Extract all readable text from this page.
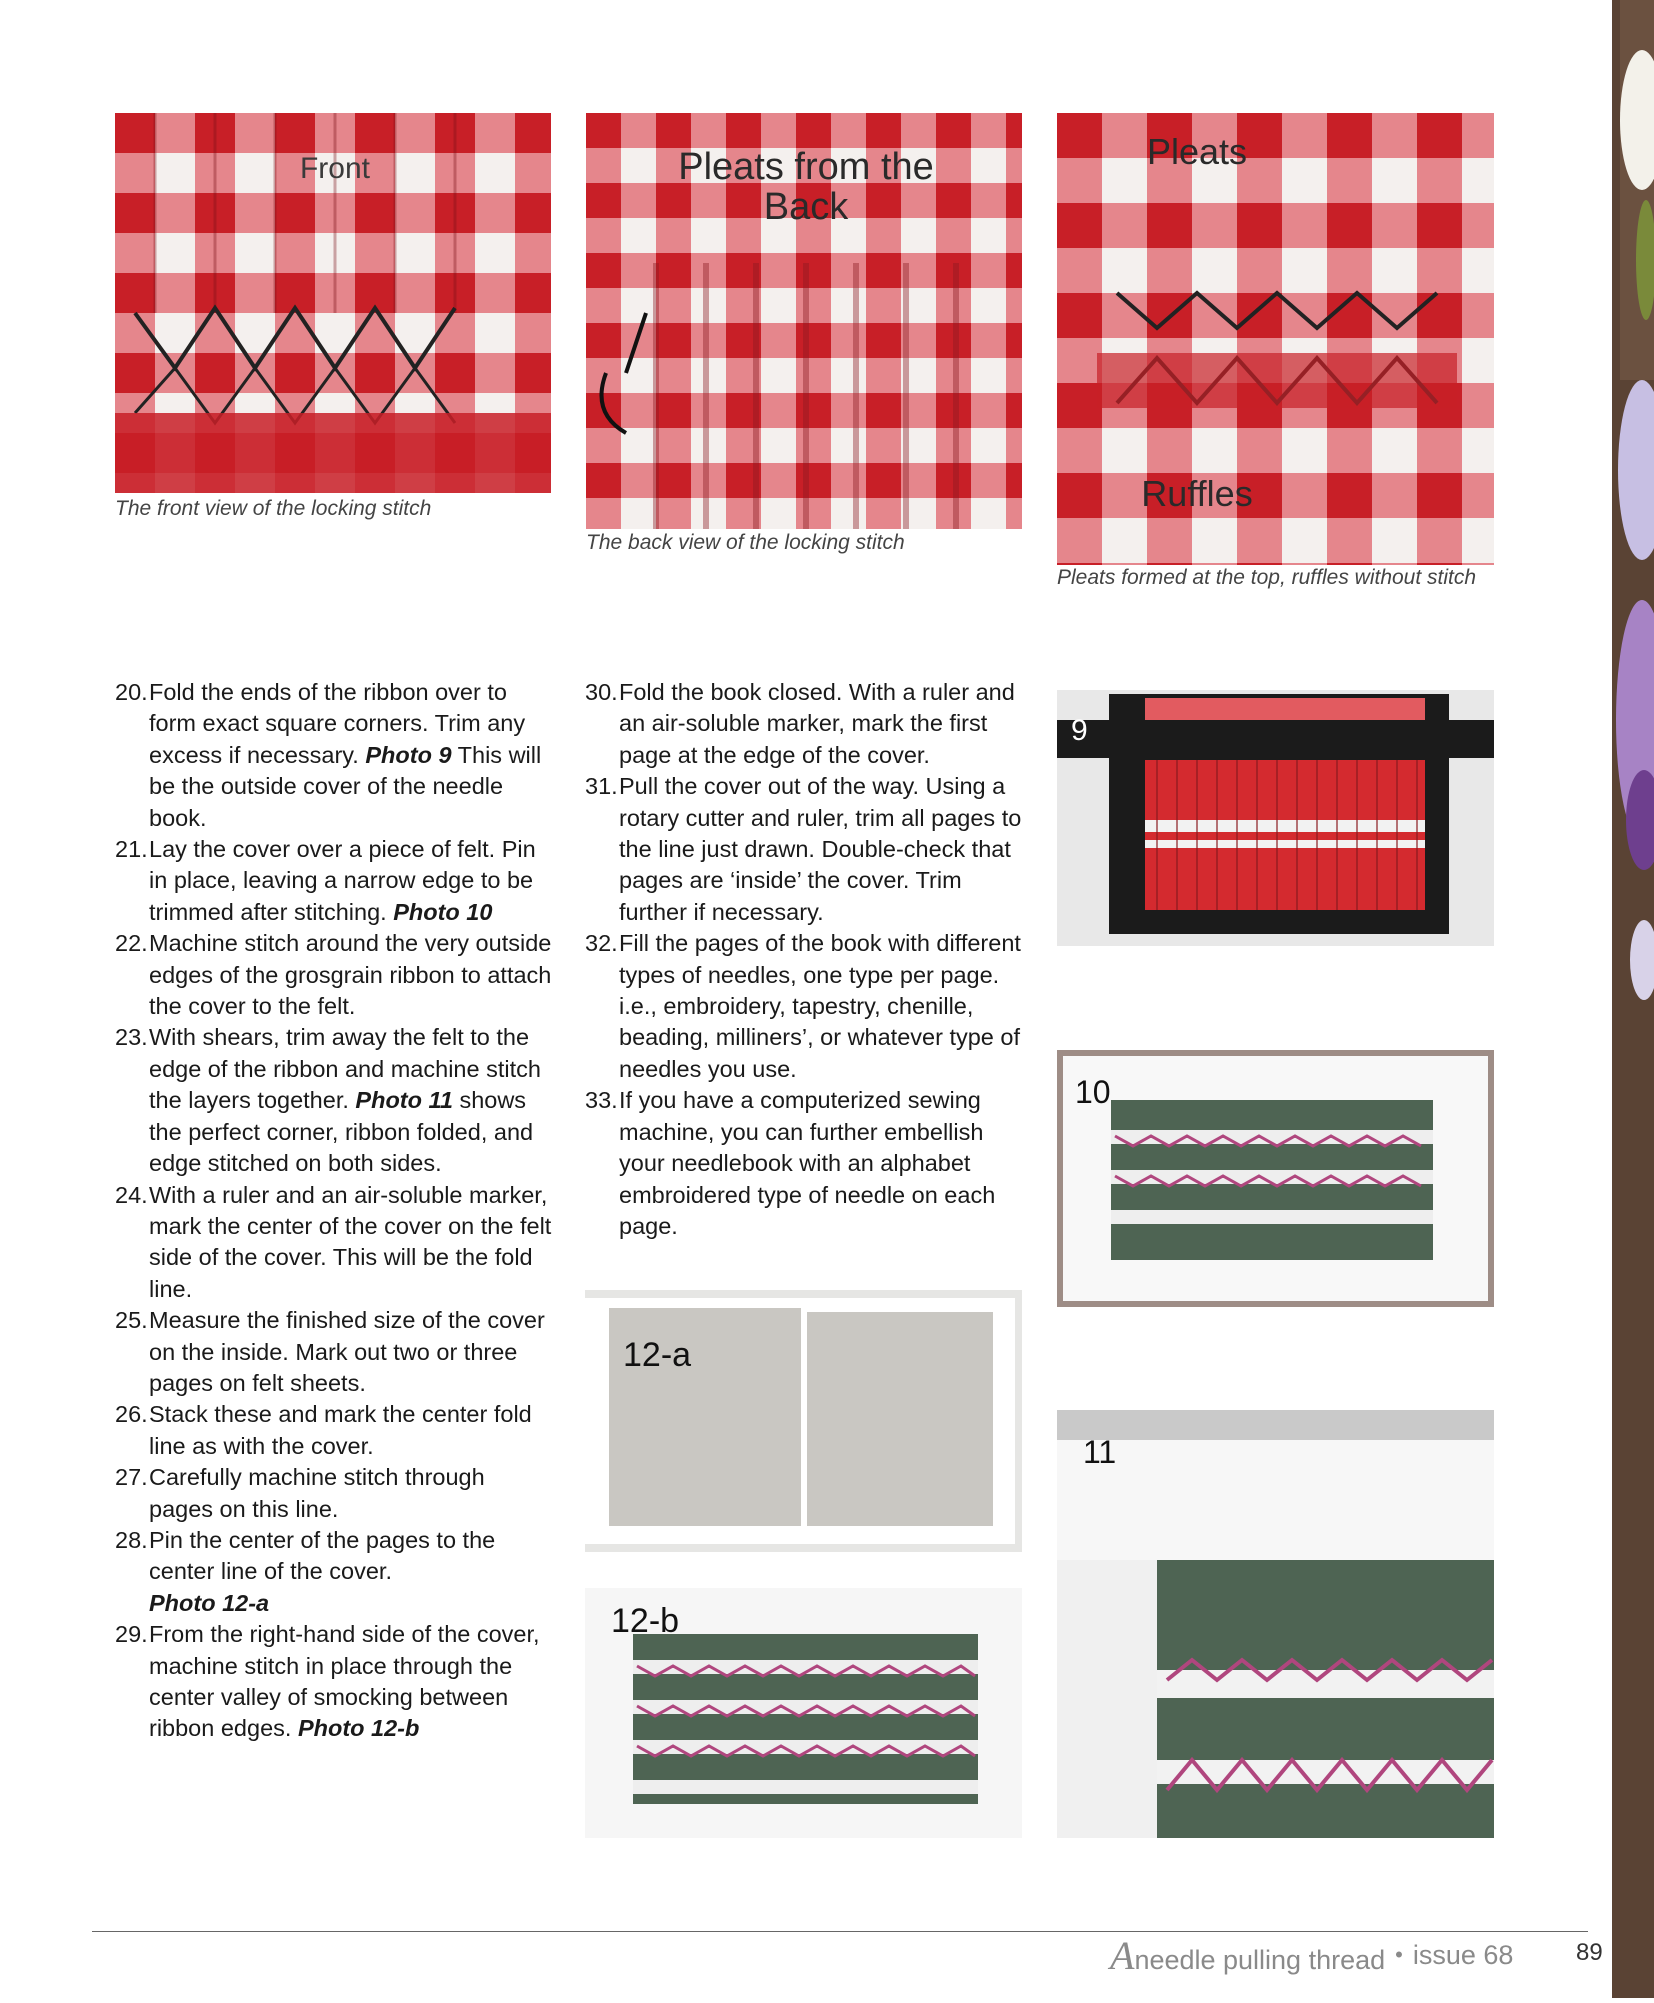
Front
The front view of the locking stitch
Pleats from the Back
The back view of the locking stitch
Pleats
Ruffles
Pleats formed at the top, ruffles without stitch
20. Fold the ends of the ribbon over to form exact square corners. Trim any excess if necessary. Photo 9 This will be the outside cover of the needle book.
21. Lay the cover over a piece of felt. Pin in place, leaving a narrow edge to be trimmed after stitching. Photo 10
22. Machine stitch around the very outside edges of the grosgrain ribbon to attach the cover to the felt.
23. With shears, trim away the felt to the edge of the ribbon and machine stitch the layers together. Photo 11 shows the perfect corner, ribbon folded, and edge stitched on both sides.
24. With a ruler and an air-soluble marker, mark the center of the cover on the felt side of the cover. This will be the fold line.
25. Measure the finished size of the cover on the inside. Mark out two or three pages on felt sheets.
26. Stack these and mark the center fold line as with the cover.
27. Carefully machine stitch through pages on this line.
28. Pin the center of the pages to the center line of the cover.
Photo 12-a
29. From the right-hand side of the cover, machine stitch in place through the center valley of smocking between ribbon edges. Photo 12-b
30. Fold the book closed. With a ruler and an air-soluble marker, mark the first page at the edge of the cover.
31. Pull the cover out of the way. Using a rotary cutter and ruler, trim all pages to the line just drawn. Double-check that pages are ‘inside’ the cover. Trim further if necessary.
32. Fill the pages of the book with different types of needles, one type per page. i.e., embroidery, tapestry, chenille, beading, milliners’, or whatever type of needles you use.
33. If you have a computerized sewing machine, you can further embellish your needlebook with an alphabet embroidered type of needle on each page.
12-a
12-b
9
10
11
A needle pulling thread • issue 68	89
